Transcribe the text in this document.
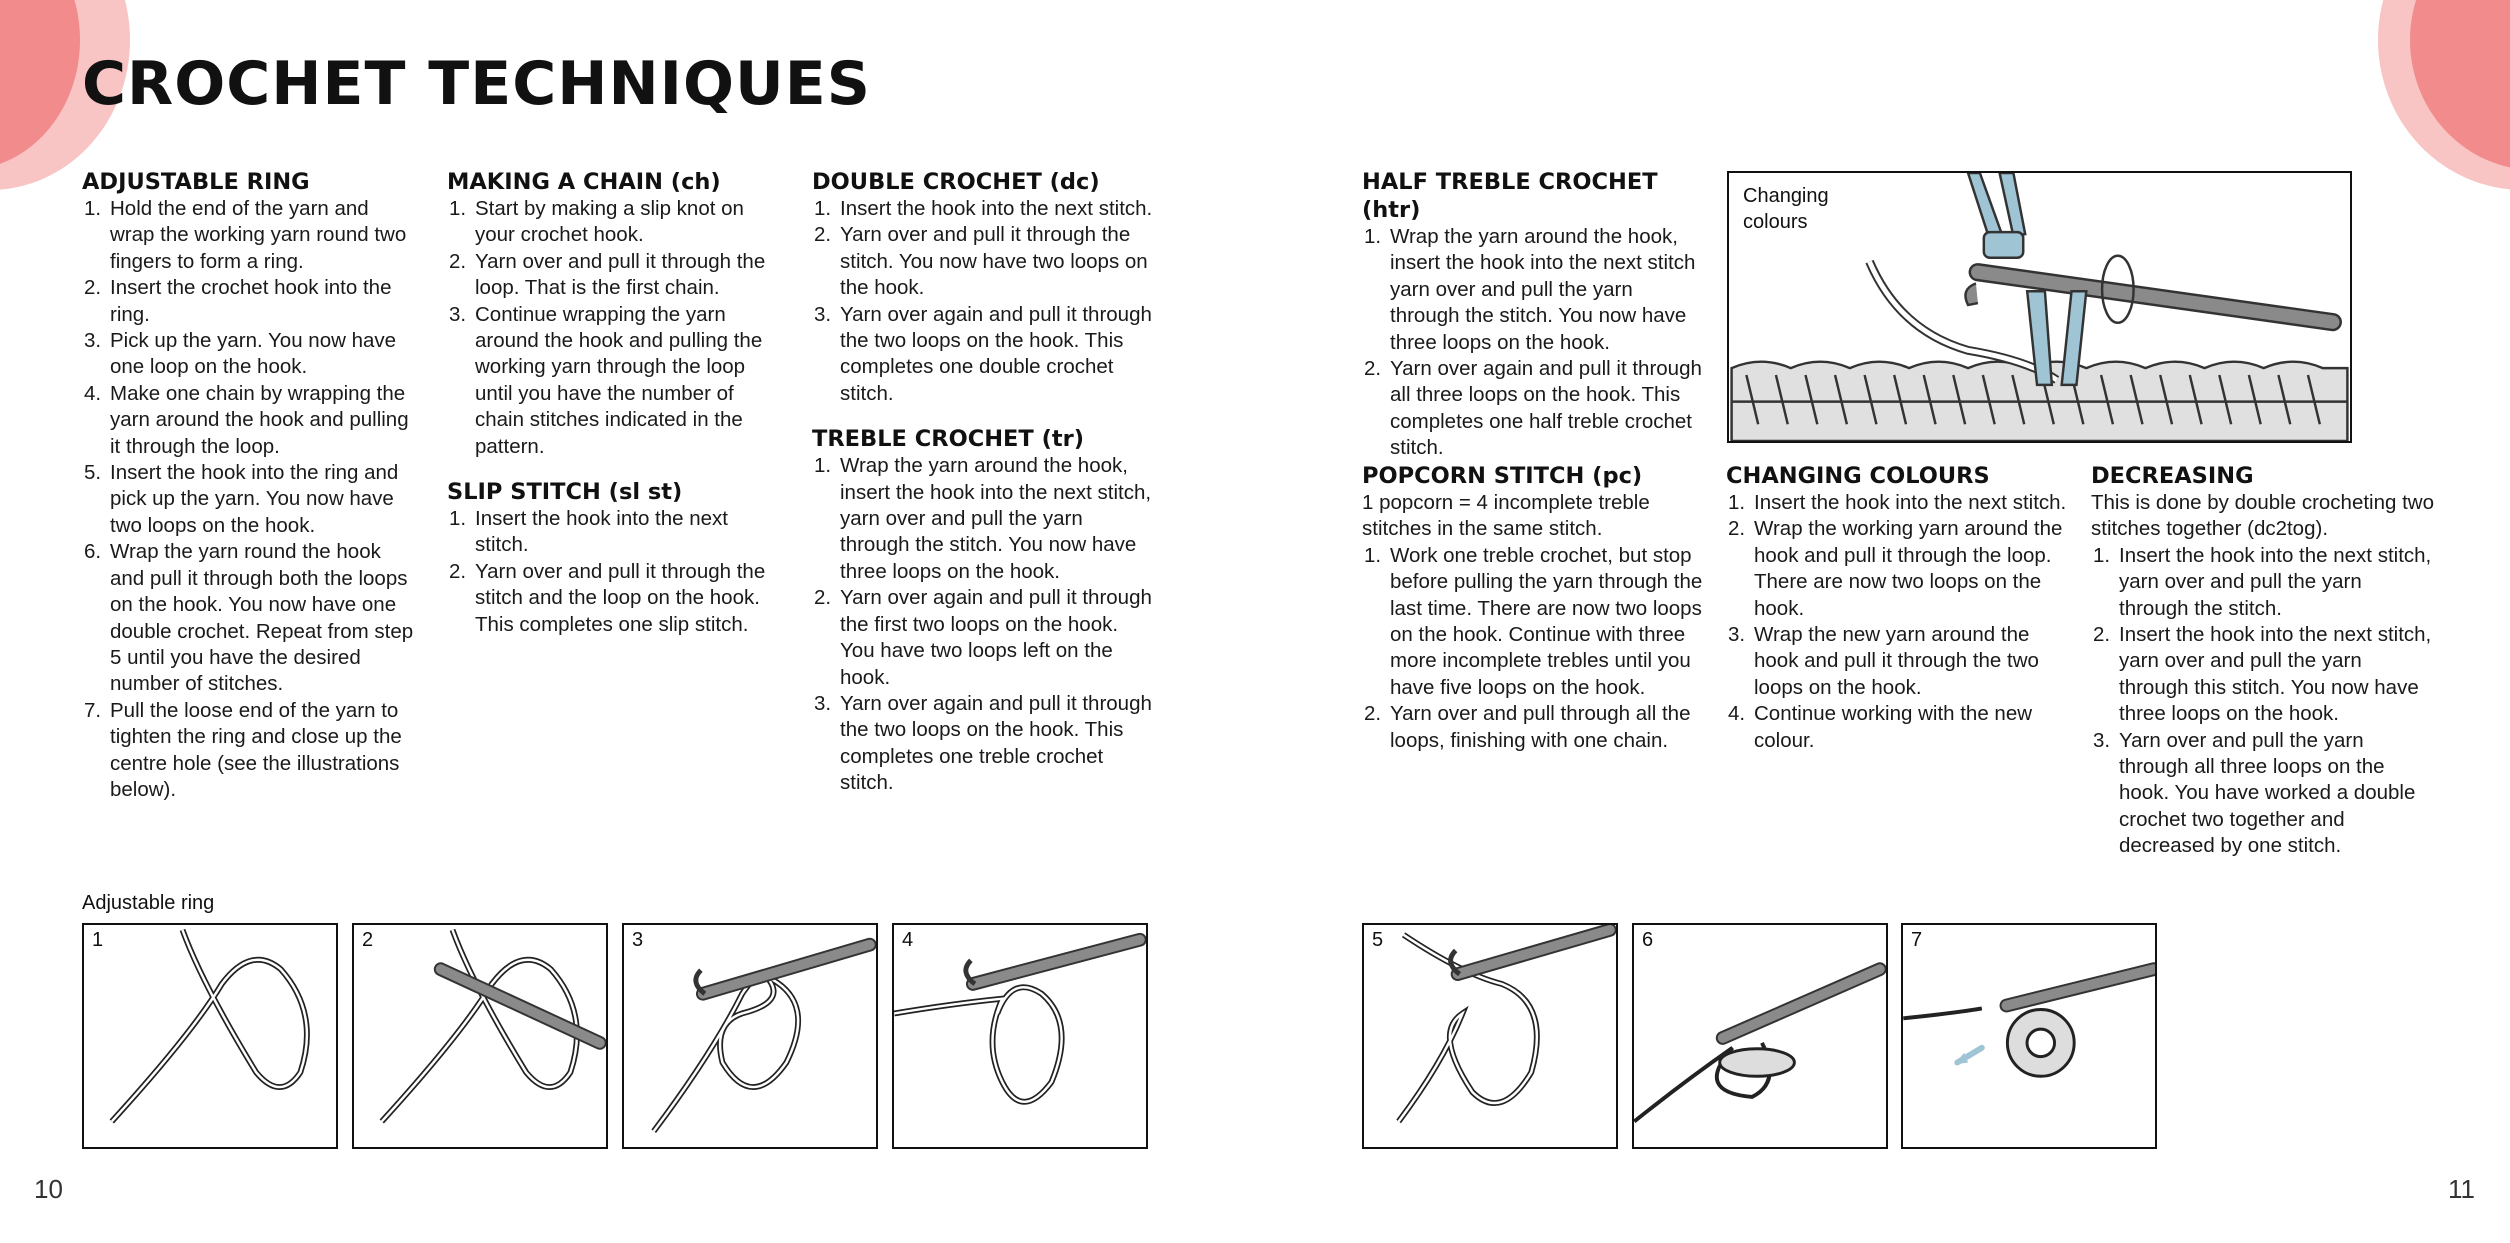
CROCHET TECHNIQUES
ADJUSTABLE RING
1. Hold the end of the yarn and wrap the working yarn round two fingers to form a ring.
2. Insert the crochet hook into the ring.
3. Pick up the yarn. You now have one loop on the hook.
4. Make one chain by wrapping the yarn around the hook and pulling it through the loop.
5. Insert the hook into the ring and pick up the yarn. You now have two loops on the hook.
6. Wrap the yarn round the hook and pull it through both the loops on the hook. You now have one double crochet. Repeat from step 5 until you have the desired number of stitches.
7. Pull the loose end of the yarn to tighten the ring and close up the centre hole (see the illustrations below).
MAKING A CHAIN (ch)
1. Start by making a slip knot on your crochet hook.
2. Yarn over and pull it through the loop. That is the first chain.
3. Continue wrapping the yarn around the hook and pulling the working yarn through the loop until you have the number of chain stitches indicated in the pattern.
SLIP STITCH (sl st)
1. Insert the hook into the next stitch.
2. Yarn over and pull it through the stitch and the loop on the hook. This completes one slip stitch.
DOUBLE CROCHET (dc)
1. Insert the hook into the next stitch.
2. Yarn over and pull it through the stitch. You now have two loops on the hook.
3. Yarn over again and pull it through the two loops on the hook. This completes one double crochet stitch.
TREBLE CROCHET (tr)
1. Wrap the yarn around the hook, insert the hook into the next stitch, yarn over and pull the yarn through the stitch. You now have three loops on the hook.
2. Yarn over again and pull it through the first two loops on the hook. You have two loops left on the hook.
3. Yarn over again and pull it through the two loops on the hook. This completes one treble crochet stitch.
HALF TREBLE CROCHET (htr)
1. Wrap the yarn around the hook, insert the hook into the next stitch yarn over and pull the yarn through the stitch. You now have three loops on the hook.
2. Yarn over again and pull it through all three loops on the hook. This completes one half treble crochet stitch.
POPCORN STITCH (pc)

1 popcorn = 4 incomplete treble stitches in the same stitch.

1. Work one treble crochet, but stop before pulling the yarn through the last time. There are now two loops on the hook. Continue with three more incomplete trebles until you have five loops on the hook.
2. Yarn over and pull through all the loops, finishing with one chain.
CHANGING COLOURS
1. Insert the hook into the next stitch.
2. Wrap the working yarn around the hook and pull it through the loop. There are now two loops on the hook.
3. Wrap the new yarn around the hook and pull it through the two loops on the hook.
4. Continue working with the new colour.
DECREASING

This is done by double crocheting two stitches together (dc2tog).

1. Insert the hook into the next stitch, yarn over and pull the yarn through the stitch.
2. Insert the hook into the next stitch, yarn over and pull the yarn through this stitch. You now have three loops on the hook.
3. Yarn over and pull the yarn through all three loops on the hook. You have worked a double crochet two together and decreased by one stitch.
Changing colours
Adjustable ring
1	2	3	4	5	6	7
10	11
